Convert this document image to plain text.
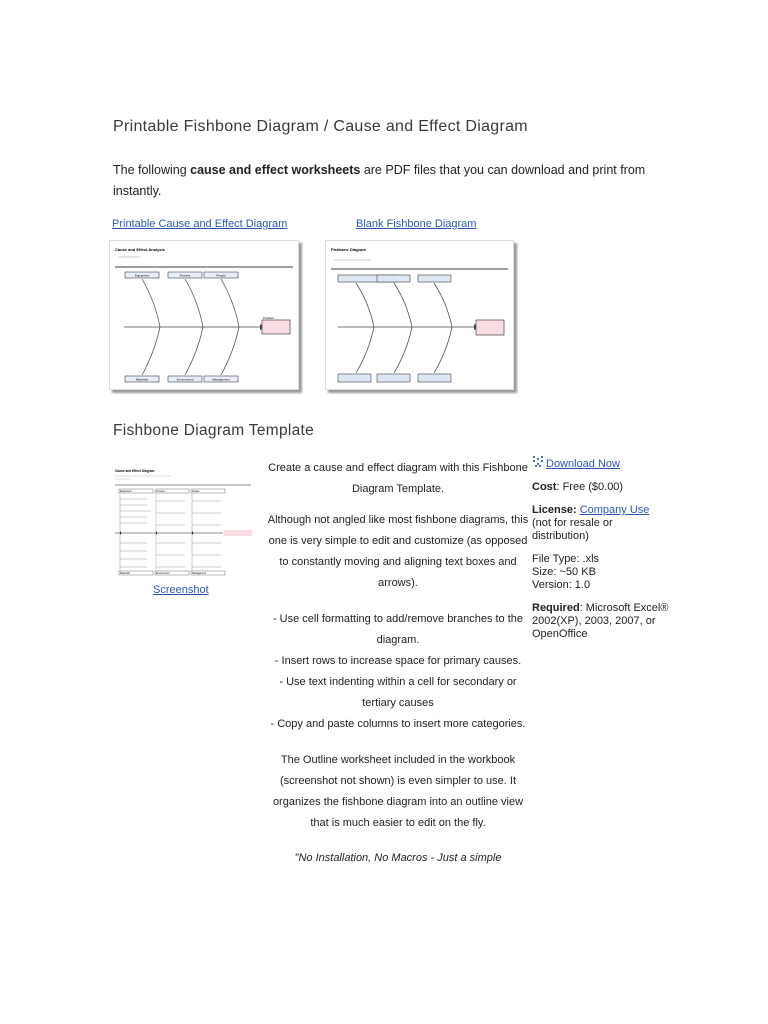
Printable Fishbone Diagram / Cause and Effect Diagram

The following cause and effect worksheets are PDF files that you can download and print from instantly.

Printable Cause and Effect Diagram	Blank Fishbone Diagram
Cause and Effect Analysis
Equipment	Process	People
Problem
Materials	Environment	Management
Fishbone Diagram
Fishbone Diagram Template
Cause and Effect Diagram
Equipment	Process	People
Materials	Environment	Management
Screenshot

Create a cause and effect diagram with this Fishbone Diagram Template.

Although not angled like most fishbone diagrams, this one is very simple to edit and customize (as opposed to constantly moving and aligning text boxes and arrows).

- Use cell formatting to add/remove branches to the diagram.

- Insert rows to increase space for primary causes.

- Use text indenting within a cell for secondary or tertiary causes

- Copy and paste columns to insert more categories.

The Outline worksheet included in the workbook (screenshot not shown) is even simpler to use. It organizes the fishbone diagram into an outline view that is much easier to edit on the fly.

"No Installation, No Macros - Just a simple

Download Now
Cost: Free ($0.00)
License: Company Use
(not for resale or distribution)
File Type: .xls
Size: ~50 KB
Version: 1.0
Required: Microsoft Excel® 2002(XP), 2003, 2007, or OpenOffice
